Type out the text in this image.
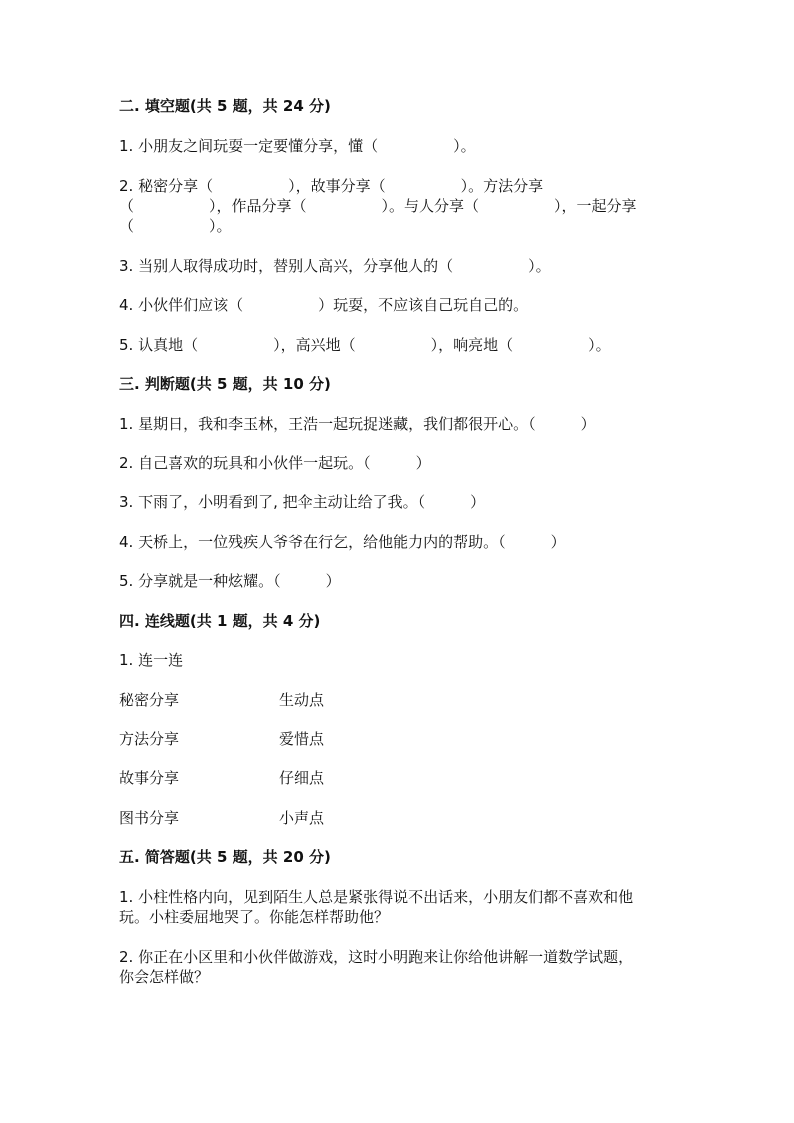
二. 填空题(共 5 题，共 24 分)
1. 小朋友之间玩耍一定要懂分享，懂（　　　　　）。
2. 秘密分享（　　　　　），故事分享（　　　　　）。方法分享
（　　　　　），作品分享（　　　　　）。与人分享（　　　　　），一起分享
（　　　　　）。
3. 当别人取得成功时，替别人高兴，分享他人的（　　　　　）。
4. 小伙伴们应该（　　　　　）玩耍，不应该自己玩自己的。
5. 认真地（　　　　　），高兴地（　　　　　），响亮地（　　　　　）。
三. 判断题(共 5 题，共 10 分)
1. 星期日，我和李玉林，王浩一起玩捉迷藏，我们都很开心。（　　　）
2. 自己喜欢的玩具和小伙伴一起玩。（　　　）
3. 下雨了，小明看到了, 把伞主动让给了我。（　　　）
4. 天桥上，一位残疾人爷爷在行乞，给他能力内的帮助。（　　　）
5. 分享就是一种炫耀。（　　　）
四. 连线题(共 1 题，共 4 分)
1. 连一连
秘密分享	生动点
方法分享	爱惜点
故事分享	仔细点
图书分享	小声点
五. 简答题(共 5 题，共 20 分)
1. 小柱性格内向，见到陌生人总是紧张得说不出话来，小朋友们都不喜欢和他
玩。小柱委屈地哭了。你能怎样帮助他？
2. 你正在小区里和小伙伴做游戏，这时小明跑来让你给他讲解一道数学试题，
你会怎样做？
